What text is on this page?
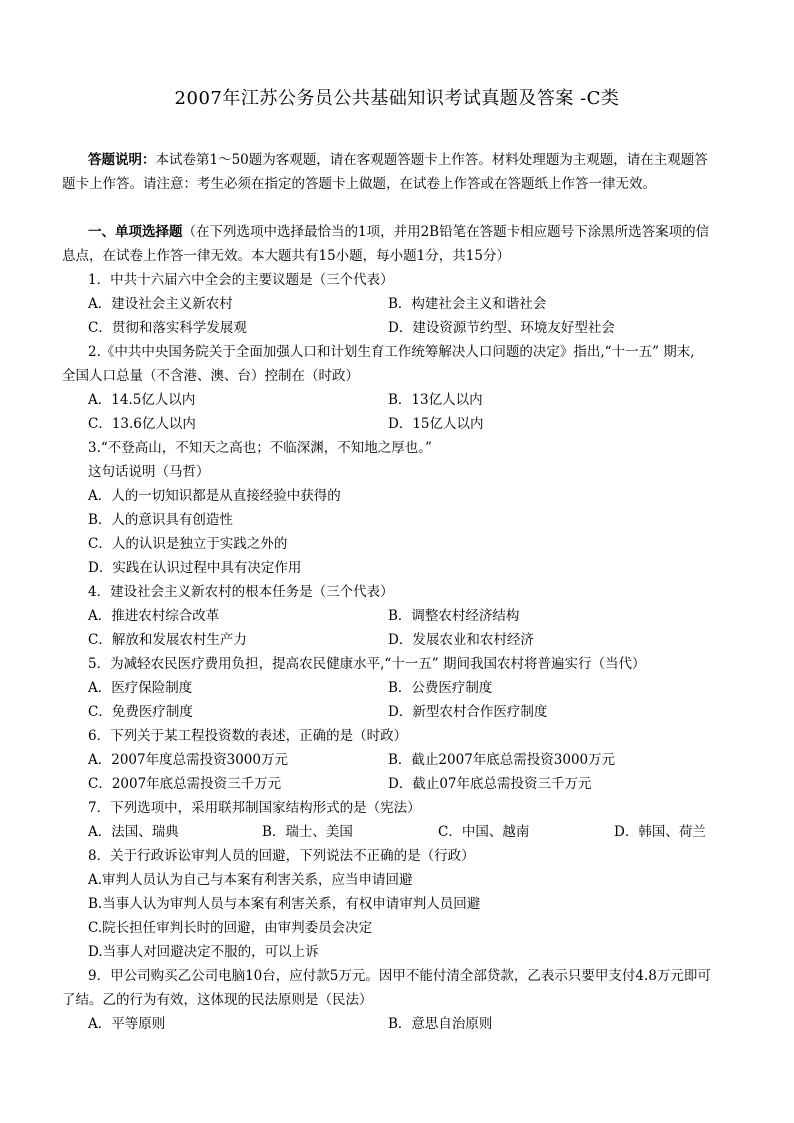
2007年江苏公务员公共基础知识考试真题及答案 -C类
答题说明：本试卷第1～50题为客观题，请在客观题答题卡上作答。材料处理题为主观题，请在主观题答
题卡上作答。请注意：考生必须在指定的答题卡上做题，在试卷上作答或在答题纸上作答一律无效。
一、单项选择题（在下列选项中选择最恰当的1项，并用2B铅笔在答题卡相应题号下涂黑所选答案项的信
息点，在试卷上作答一律无效。本大题共有15小题，每小题1分，共15分）
1．中共十六届六中全会的主要议题是（三个代表）
A．建设社会主义新农村	B．构建社会主义和谐社会
C．贯彻和落实科学发展观	D．建设资源节约型、环境友好型社会
2.《中共中央国务院关于全面加强人口和计划生育工作统筹解决人口问题的决定》指出,“十一五” 期末,
全国人口总量（不含港、澳、台）控制在（时政）
A．14.5亿人以内	B．13亿人以内
C．13.6亿人以内	D．15亿人以内
3.“不登高山，不知天之高也；不临深渊，不知地之厚也。”
这句话说明（马哲）
A．人的一切知识都是从直接经验中获得的
B．人的意识具有创造性
C．人的认识是独立于实践之外的
D．实践在认识过程中具有决定作用
4．建设社会主义新农村的根本任务是（三个代表）
A．推进农村综合改革	B．调整农村经济结构
C．解放和发展农村生产力	D．发展农业和农村经济
5．为减轻农民医疗费用负担，提高农民健康水平,“十一五” 期间我国农村将普遍实行（当代）
A．医疗保险制度	B．公费医疗制度
C．免费医疗制度	D．新型农村合作医疗制度
6．下列关于某工程投资数的表述，正确的是（时政）
A．2007年度总需投资3000万元	B．截止2007年底总需投资3000万元
C．2007年底总需投资三千万元	D．截止07年底总需投资三千万元
7．下列选项中，采用联邦制国家结构形式的是（宪法）
A．法国、瑞典	B．瑞士、美国	C．中国、越南	D．韩国、荷兰
8．关于行政诉讼审判人员的回避，下列说法不正确的是（行政）
A.审判人员认为自己与本案有利害关系，应当申请回避
B.当事人认为审判人员与本案有利害关系，有权申请审判人员回避
C.院长担任审判长时的回避，由审判委员会决定
D.当事人对回避决定不服的，可以上诉
9．甲公司购买乙公司电脑10台，应付款5万元。因甲不能付清全部贷款，乙表示只要甲支付4.8万元即可
了结。乙的行为有效，这体现的民法原则是（民法）
A．平等原则	B．意思自治原则
